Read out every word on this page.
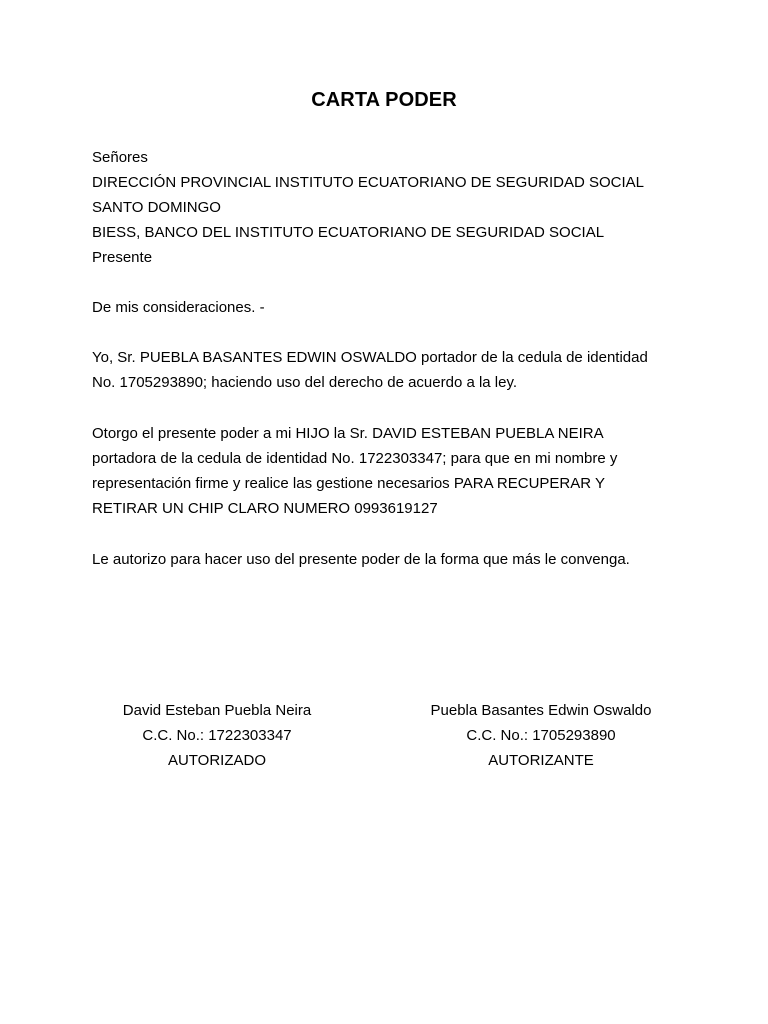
CARTA PODER
Señores
DIRECCIÓN PROVINCIAL INSTITUTO ECUATORIANO DE SEGURIDAD SOCIAL
SANTO DOMINGO
BIESS, BANCO DEL INSTITUTO ECUATORIANO DE SEGURIDAD SOCIAL
Presente
De mis consideraciones. -
Yo, Sr. PUEBLA BASANTES EDWIN OSWALDO portador de la cedula de identidad
No. 1705293890; haciendo uso del derecho de acuerdo a la ley.
Otorgo el presente poder a mi HIJO la Sr. DAVID ESTEBAN PUEBLA NEIRA
portadora de la cedula de identidad No. 1722303347; para que en mi nombre y
representación firme y realice las gestione necesarios PARA RECUPERAR Y
RETIRAR UN CHIP CLARO NUMERO 0993619127
Le autorizo para hacer uso del presente poder de la forma que más le convenga.
David Esteban Puebla Neira
C.C. No.: 1722303347
AUTORIZADO
Puebla Basantes Edwin Oswaldo
C.C. No.: 1705293890
AUTORIZANTE
